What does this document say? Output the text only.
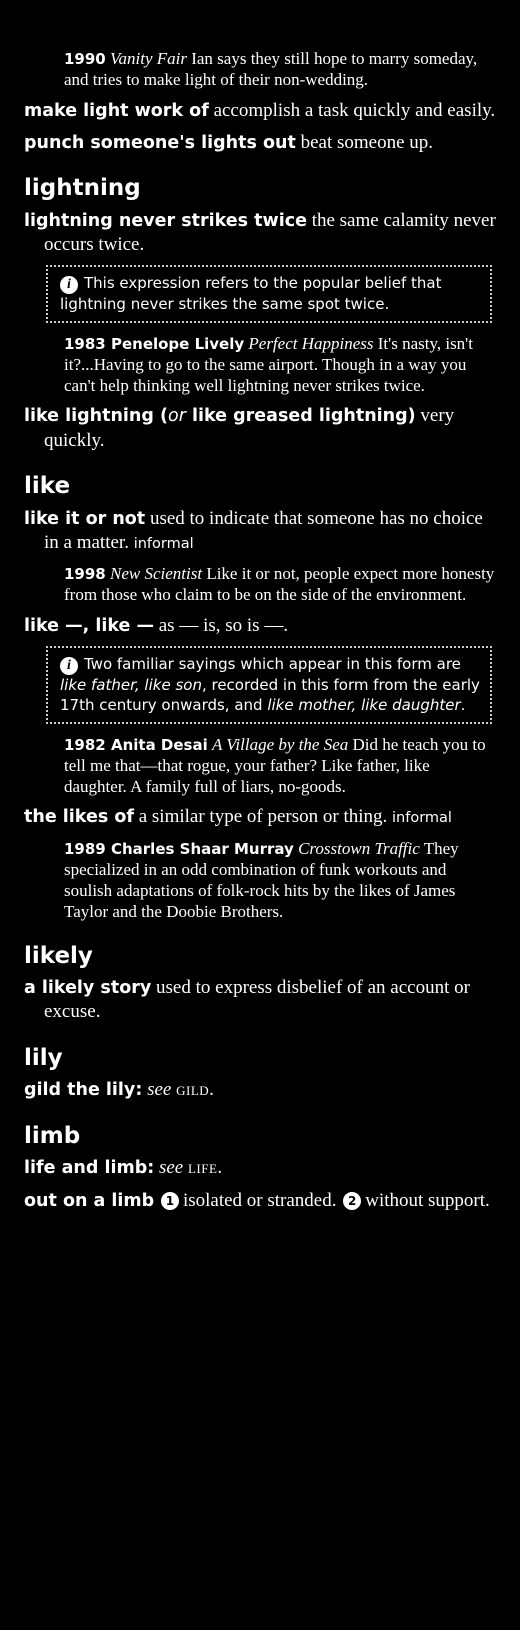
1990 Vanity Fair Ian says they still hope to marry someday, and tries to make light of their non-wedding.
make light work of accomplish a task quickly and easily.
punch someone's lights out beat someone up.
lightning
lightning never strikes twice the same calamity never occurs twice.
i This expression refers to the popular belief that lightning never strikes the same spot twice.
1983 Penelope Lively Perfect Happiness It's nasty, isn't it?...Having to go to the same airport. Though in a way you can't help thinking well lightning never strikes twice.
like lightning (or like greased lightning) very quickly.
like
like it or not used to indicate that someone has no choice in a matter. informal
1998 New Scientist Like it or not, people expect more honesty from those who claim to be on the side of the environment.
like —, like — as — is, so is —.
i Two familiar sayings which appear in this form are like father, like son, recorded in this form from the early 17th century onwards, and like mother, like daughter.
1982 Anita Desai A Village by the Sea Did he teach you to tell me that—that rogue, your father? Like father, like daughter. A family full of liars, no-goods.
the likes of a similar type of person or thing. informal
1989 Charles Shaar Murray Crosstown Traffic They specialized in an odd combination of funk workouts and soulish adaptations of folk-rock hits by the likes of James Taylor and the Doobie Brothers.
likely
a likely story used to express disbelief of an account or excuse.
lily
gild the lily: see gild.
limb
life and limb: see life.
out on a limb 1 isolated or stranded. 2 without support.
